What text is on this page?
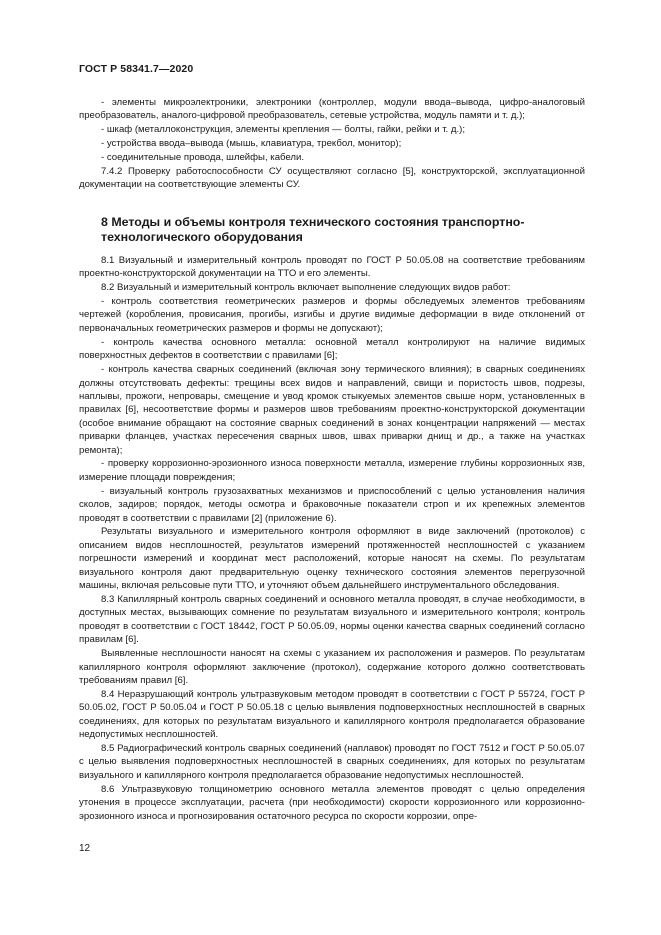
ГОСТ Р 58341.7—2020

- элементы микроэлектроники, электроники (контроллер, модули ввода–вывода, цифро-аналоговый преобразователь, аналого-цифровой преобразователь, сетевые устройства, модуль памяти и т. д.);

- шкаф (металлоконструкция, элементы крепления — болты, гайки, рейки и т. д.);

- устройства ввода–вывода (мышь, клавиатура, трекбол, монитор);

- соединительные провода, шлейфы, кабели.

7.4.2 Проверку работоспособности СУ осуществляют согласно [5], конструкторской, эксплуатационной документации на соответствующие элементы СУ.

8 Методы и объемы контроля технического состояния транспортно-технологического оборудования

8.1 Визуальный и измерительный контроль проводят по ГОСТ Р 50.05.08 на соответствие требованиям проектно-конструкторской документации на ТТО и его элементы.

8.2 Визуальный и измерительный контроль включает выполнение следующих видов работ:

- контроль соответствия геометрических размеров и формы обследуемых элементов требованиям чертежей (коробления, провисания, прогибы, изгибы и другие видимые деформации в виде отклонений от первоначальных геометрических размеров и формы не допускают);

- контроль качества основного металла: основной металл контролируют на наличие видимых поверхностных дефектов в соответствии с правилами [6];

- контроль качества сварных соединений (включая зону термического влияния); в сварных соединениях должны отсутствовать дефекты: трещины всех видов и направлений, свищи и пористость швов, подрезы, наплывы, прожоги, непровары, смещение и увод кромок стыкуемых элементов свыше норм, установленных в правилах [6], несоответствие формы и размеров швов требованиям проектно-конструкторской документации (особое внимание обращают на состояние сварных соединений в зонах концентрации напряжений — местах приварки фланцев, участках пересечения сварных швов, швах приварки днищ и др., а также на участках ремонта);

- проверку коррозионно-эрозионного износа поверхности металла, измерение глубины коррозионных язв, измерение площади повреждения;

- визуальный контроль грузозахватных механизмов и приспособлений с целью установления наличия сколов, задиров; порядок, методы осмотра и браковочные показатели строп и их крепежных элементов проводят в соответствии с правилами [2] (приложение 6).

Результаты визуального и измерительного контроля оформляют в виде заключений (протоколов) с описанием видов несплошностей, результатов измерений протяженностей несплошностей с указанием погрешности измерений и координат мест расположений, которые наносят на схемы. По результатам визуального контроля дают предварительную оценку технического состояния элементов перегрузочной машины, включая рельсовые пути ТТО, и уточняют объем дальнейшего инструментального обследования.

8.3 Капиллярный контроль сварных соединений и основного металла проводят, в случае необходимости, в доступных местах, вызывающих сомнение по результатам визуального и измерительного контроля; контроль проводят в соответствии с ГОСТ 18442, ГОСТ Р 50.05.09, нормы оценки качества сварных соединений согласно правилам [6].

Выявленные несплошности наносят на схемы с указанием их расположения и размеров. По результатам капиллярного контроля оформляют заключение (протокол), содержание которого должно соответствовать требованиям правил [6].

8.4 Неразрушающий контроль ультразвуковым методом проводят в соответствии с ГОСТ Р 55724, ГОСТ Р 50.05.02, ГОСТ Р 50.05.04 и ГОСТ Р 50.05.18 с целью выявления подповерхностных несплошностей в сварных соединениях, для которых по результатам визуального и капиллярного контроля предполагается образование недопустимых несплошностей.

8.5 Радиографический контроль сварных соединений (наплавок) проводят по ГОСТ 7512 и ГОСТ Р 50.05.07 с целью выявления подповерхностных несплошностей в сварных соединениях, для которых по результатам визуального и капиллярного контроля предполагается образование недопустимых несплошностей.

8.6 Ультразвуковую толщинометрию основного металла элементов проводят с целью определения утонения в процессе эксплуатации, расчета (при необходимости) скорости коррозионного или коррозионно-эрозионного износа и прогнозирования остаточного ресурса по скорости коррозии, опре-

12
